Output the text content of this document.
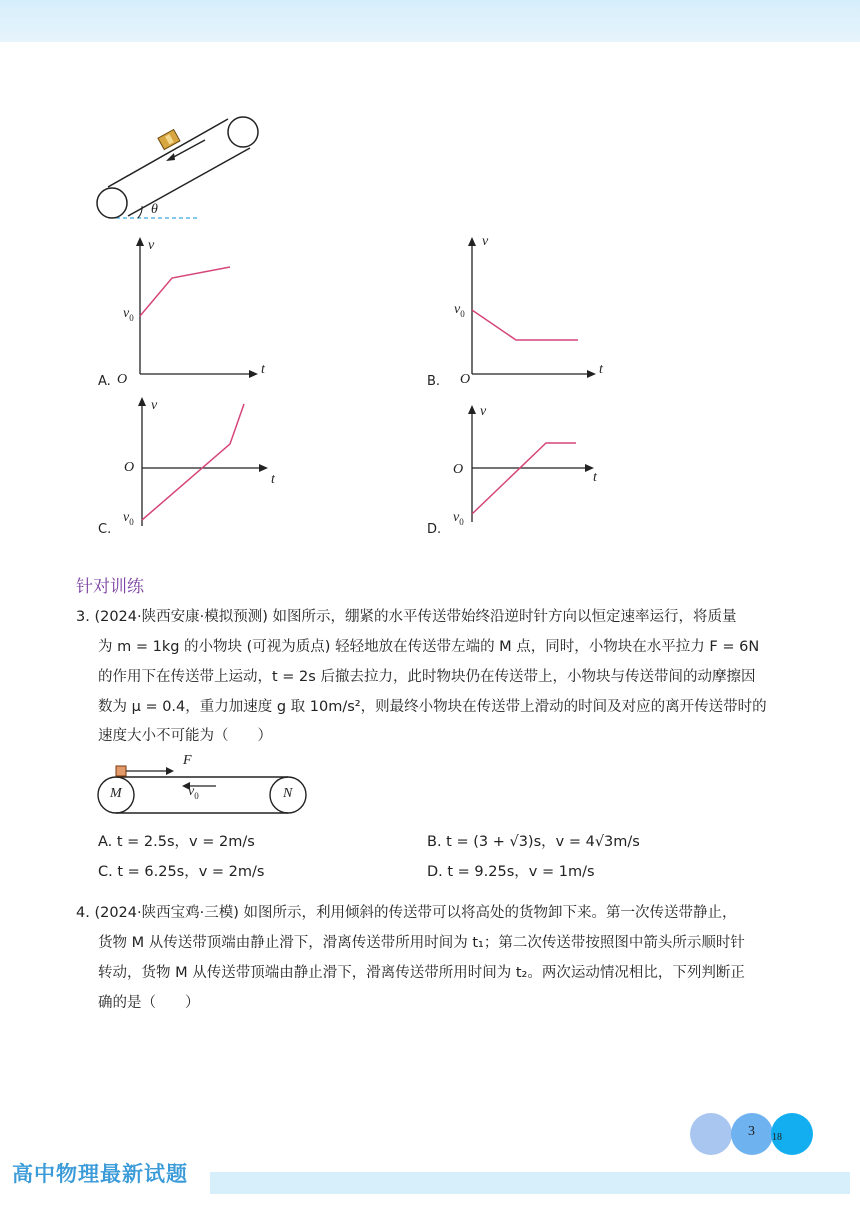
θ
v
$v_0$
t
O
A.
v
$v_0$
t
O
B.
v
O
t
$v_0$
C.
v
O
t
$v_0$
D.
针对训练
3. (2024·陕西安康·模拟预测) 如图所示，绷紧的水平传送带始终沿逆时针方向以恒定速率运行，将质量
为 m = 1kg 的小物块 (可视为质点) 轻轻地放在传送带左端的 M 点，同时，小物块在水平拉力 F = 6N
的作用下在传送带上运动，t = 2s 后撤去拉力，此时物块仍在传送带上，小物块与传送带间的动摩擦因
数为 μ = 0.4，重力加速度 g 取 10m/s²，则最终小物块在传送带上滑动的时间及对应的离开传送带时的
速度大小不可能为（　　）
F
$v_0$
M	N
A. t = 2.5s，v = 2m/s	B. t = (3 + √3)s，v = 4√3m/s
C. t = 6.25s，v = 2m/s	D. t = 9.25s，v = 1m/s
4. (2024·陕西宝鸡·三模) 如图所示，利用倾斜的传送带可以将高处的货物卸下来。第一次传送带静止，
货物 M 从传送带顶端由静止滑下，滑离传送带所用时间为 t₁；第二次传送带按照图中箭头所示顺时针
转动，货物 M 从传送带顶端由静止滑下，滑离传送带所用时间为 t₂。两次运动情况相比，下列判断正
确的是（　　）
3 18
高中物理最新试题
